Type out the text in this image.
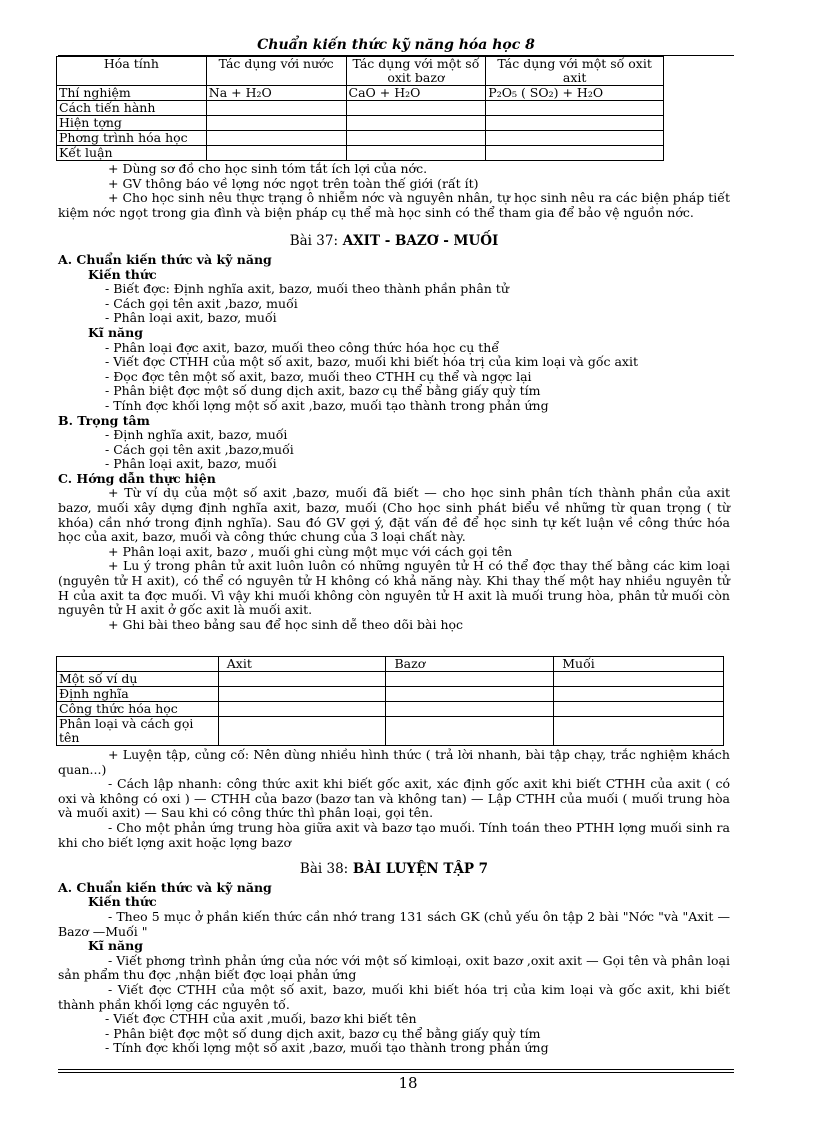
Chuẩn kiến thức kỹ năng hóa học 8
Hóa tính	Tác dụng với nước	Tác dụng với một số oxit bazơ	Tác dụng với một số oxit axit
Thí nghiệm	Na + H₂O	CaO + H₂O	P₂O₅ ( SO₂) + H₂O
Cách tiến hành			
Hiện tợng			
Phơng trình hóa học			
Kết luận			

+ Dùng sơ đồ cho học sinh tóm tắt ích lợi của nớc.

+ GV thông báo về lợng nớc ngọt trên toàn thế giới (rất ít)

+ Cho học sinh nêu thực trạng ô nhiễm nớc và nguyên nhân, tự học sinh nêu ra các biện pháp tiết kiệm nớc ngọt trong gia đình và biện pháp cụ thể mà học sinh có thể tham gia để bảo vệ nguồn nớc.

Bài 37: AXIT - BAZƠ - MUỐI

A. Chuẩn kiến thức và kỹ năng

Kiến thức

- Biết đợc: Định nghĩa axit, bazơ, muối theo thành phần phân tử

- Cách gọi tên axit ,bazơ, muối

- Phân loại axit, bazơ, muối

Kĩ năng

- Phân loại đợc axit, bazơ, muối theo công thức hóa học cụ thể

- Viết đợc CTHH của một số axit, bazơ, muối khi biết hóa trị của kim loại và gốc axit

- Đọc đợc tên một số axit, bazơ, muối theo CTHH cụ thể và ngợc lại

- Phân biệt đợc một số dung dịch axit, bazơ cụ thể bằng giấy quỳ tím

- Tính đợc khối lợng một số axit ,bazơ, muối tạo thành trong phản ứng

B. Trọng tâm

- Định nghĩa axit, bazơ, muối

- Cách gọi tên axit ,bazơ,muối

- Phân loại axit, bazơ, muối

C. Hớng dẫn thực hiện

+ Từ ví dụ của một số axit ,bazơ, muối đã biết — cho học sinh phân tích thành phần của axit bazơ, muối xây dựng định nghĩa axit, bazơ, muối (Cho học sinh phát biểu về những từ quan trọng ( từ khóa) cần nhớ trong định nghĩa). Sau đó GV gợi ý, đặt vấn đề để học sinh tự kết luận về công thức hóa học của axit, bazơ, muối và công thức chung của 3 loại chất này.

+ Phân loại axit, bazơ , muối ghi cùng một mục với cách gọi tên

+ Lu ý trong phân tử axit luôn luôn có những nguyên tử H có thể đợc thay thế bằng các kim loại (nguyên tử H axit), có thể có nguyên tử H không có khả năng này. Khi thay thế một hay nhiều nguyên tử H của axit ta đợc muối. Vì vậy khi muối không còn nguyên tử H axit là muối trung hòa, phân tử muối còn nguyên tử H axit ở gốc axit là muối axit.

+ Ghi bài theo bảng sau để học sinh dễ theo dõi bài học

	Axit	Bazơ	Muối
Một số ví dụ			
Định nghĩa			
Công thức hóa học			
Phân loại và cách gọi tên			

+ Luyện tập, củng cố: Nên dùng nhiều hình thức ( trả lời nhanh, bài tập chạy, trắc nghiệm khách quan...)

- Cách lập nhanh: công thức axit khi biết gốc axit, xác định gốc axit khi biết CTHH của axit ( có oxi và không có oxi ) — CTHH của bazơ (bazơ tan và không tan) — Lập CTHH của muối ( muối trung hòa và muối axit) — Sau khi có công thức thì phân loại, gọi tên.

- Cho một phản ứng trung hòa giữa axit và bazơ tạo muối. Tính toán theo PTHH lợng muối sinh ra khi cho biết lợng axit hoặc lợng bazơ

Bài 38: BÀI LUYỆN TẬP 7

A. Chuẩn kiến thức và kỹ năng

Kiến thức

- Theo 5 mục ở phần kiến thức cần nhớ trang 131 sách GK (chủ yếu ôn tập 2 bài "Nớc "và "Axit — Bazơ —Muối "

Kĩ năng

- Viết phơng trình phản ứng của nớc với một số kimloại, oxit bazơ ,oxit axit — Gọi tên và phân loại sản phẩm thu đợc ,nhận biết đợc loại phản ứng

- Viết đợc CTHH của một số axit, bazơ, muối khi biết hóa trị của kim loại và gốc axit, khi biết thành phần khối lợng các nguyên tố.

- Viết đợc CTHH của axit ,muối, bazơ khi biết tên

- Phân biệt đợc một số dung dịch axit, bazơ cụ thể bằng giấy quỳ tím

- Tính đợc khối lợng một số axit ,bazơ, muối tạo thành trong phản ứng

18
